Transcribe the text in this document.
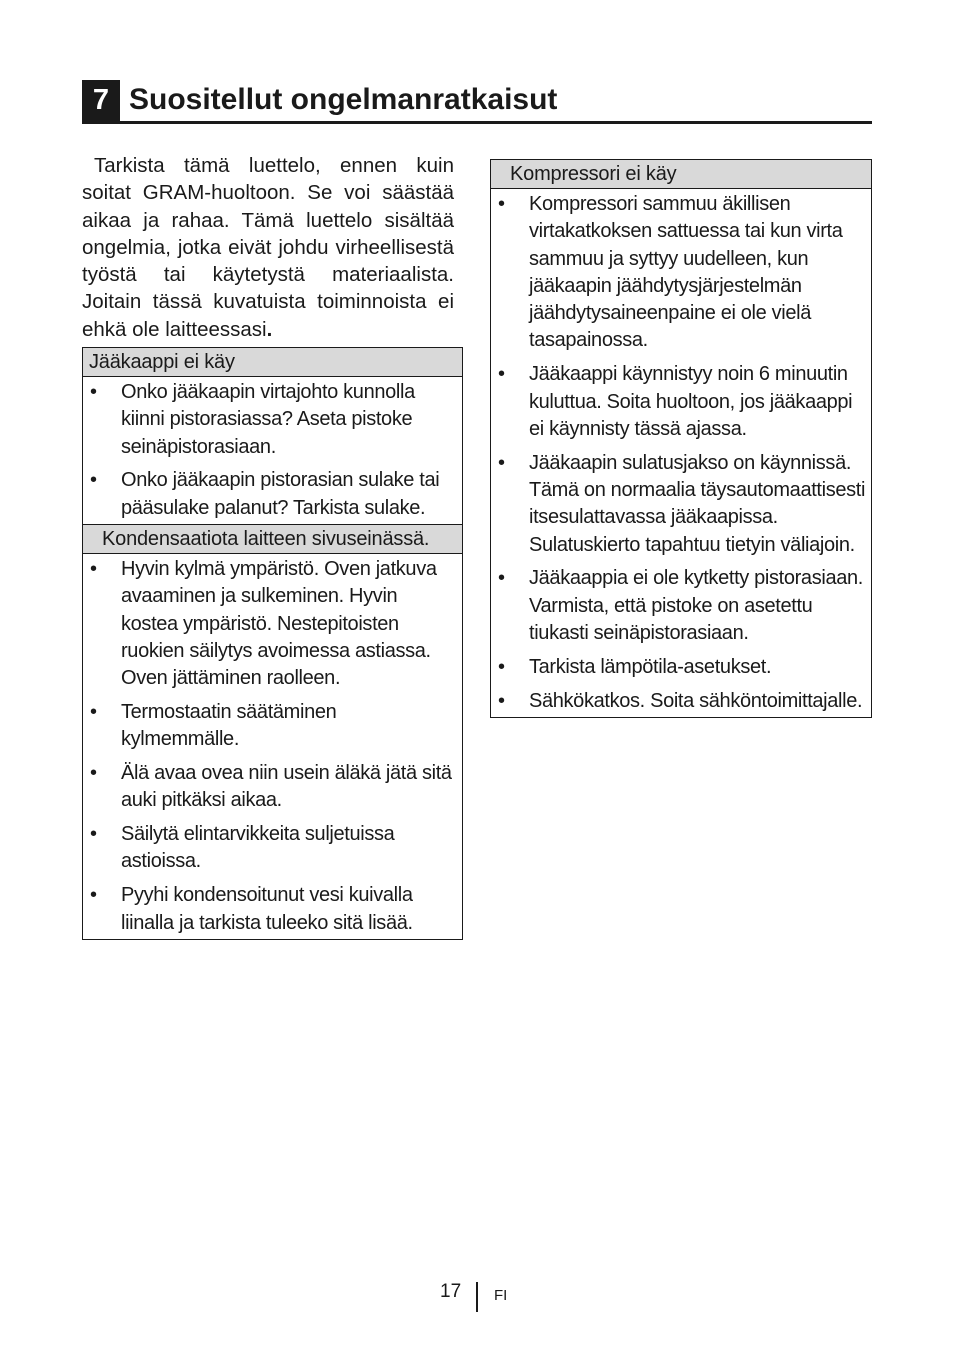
7 Suositellut ongelmanratkaisut

Tarkista tämä luettelo, ennen kuin soitat GRAM-huoltoon. Se voi säästää aikaa ja rahaa. Tämä luettelo sisältää ongelmia, jotka eivät johdu virheellisestä työstä tai käytetystä materiaalista. Joitain tässä kuvatuista toiminnoista ei ehkä ole laitteessasi.

Jääkaappi ei käy
• Onko jääkaapin virtajohto kunnolla kiinni pistorasiassa? Aseta pistoke seinäpistorasiaan.
• Onko jääkaapin pistorasian sulake tai pääsulake palanut? Tarkista sulake.
Kondensaatiota laitteen sivuseinässä.
• Hyvin kylmä ympäristö. Oven jatkuva avaaminen ja sulkeminen. Hyvin kostea ympäristö. Nestepitoisten ruokien säilytys avoimessa astiassa. Oven jättäminen raolleen.
• Termostaatin säätäminen kylmemmälle.
• Älä avaa ovea niin usein äläkä jätä sitä auki pitkäksi aikaa.
• Säilytä elintarvikkeita suljetuissa astioissa.
• Pyyhi kondensoitunut vesi kuivalla liinalla ja tarkista tuleeko sitä lisää.
Kompressori ei käy
• Kompressori sammuu äkillisen virtakatkoksen sattuessa tai kun virta sammuu ja syttyy uudelleen, kun jääkaapin jäähdytysjärjestelmän jäähdytysaineenpaine ei ole vielä tasapainossa.
• Jääkaappi käynnistyy noin 6 minuutin kuluttua. Soita huoltoon, jos jääkaappi ei käynnisty tässä ajassa.
• Jääkaapin sulatusjakso on käynnissä. Tämä on normaalia täysautomaattisesti itsesulattavassa jääkaapissa. Sulatuskierto tapahtuu tietyin väliajoin.
• Jääkaappia ei ole kytketty pistorasiaan. Varmista, että pistoke on asetettu tiukasti seinäpistorasiaan.
• Tarkista lämpötila-asetukset.
• Sähkökatkos. Soita sähköntoimittajalle.
17 FI
